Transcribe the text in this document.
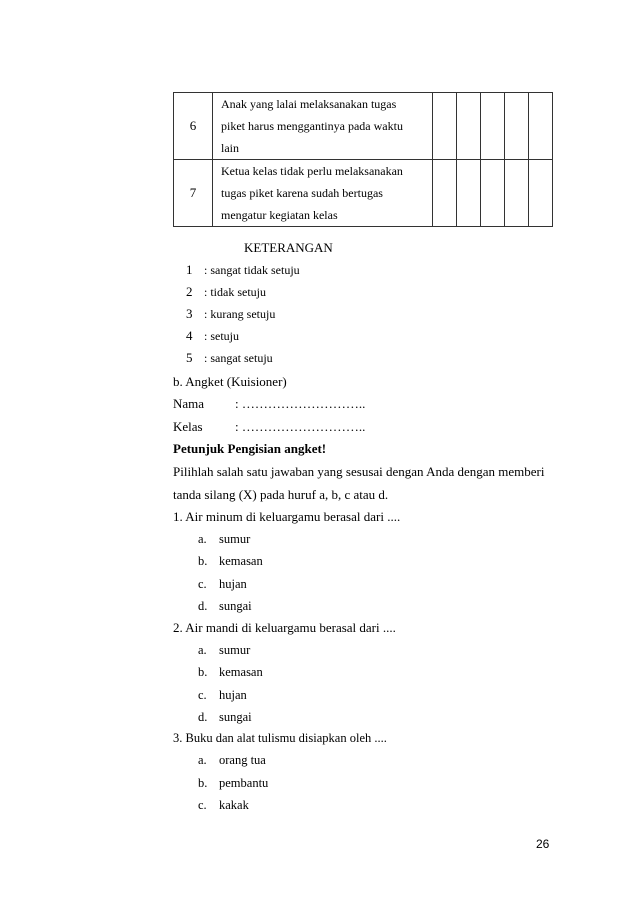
6	Anak yang lalai melaksanakan tugas
piket harus menggantinya pada waktu
lain					

7	Ketua kelas tidak perlu melaksanakan
tugas piket karena sudah bertugas
mengatur kegiatan kelas					

KETERANGAN
1 : sangat tidak setuju
2 : tidak setuju
3 : kurang setuju
4 : setuju
5 : sangat setuju
b. Angket (Kuisioner)
Nama : ………………………..
Kelas : ………………………..
Petunjuk Pengisian angket!
Pilihlah salah satu jawaban yang sesusai dengan Anda dengan memberi
tanda silang (X) pada huruf a, b, c atau d.
1. Air minum di keluargamu berasal dari ....
a. sumur
b. kemasan
c. hujan
d. sungai
2. Air mandi di keluargamu berasal dari ....
a. sumur
b. kemasan
c. hujan
d. sungai
3. Buku dan alat tulismu disiapkan oleh ....
a. orang tua
b. pembantu
c. kakak
26
